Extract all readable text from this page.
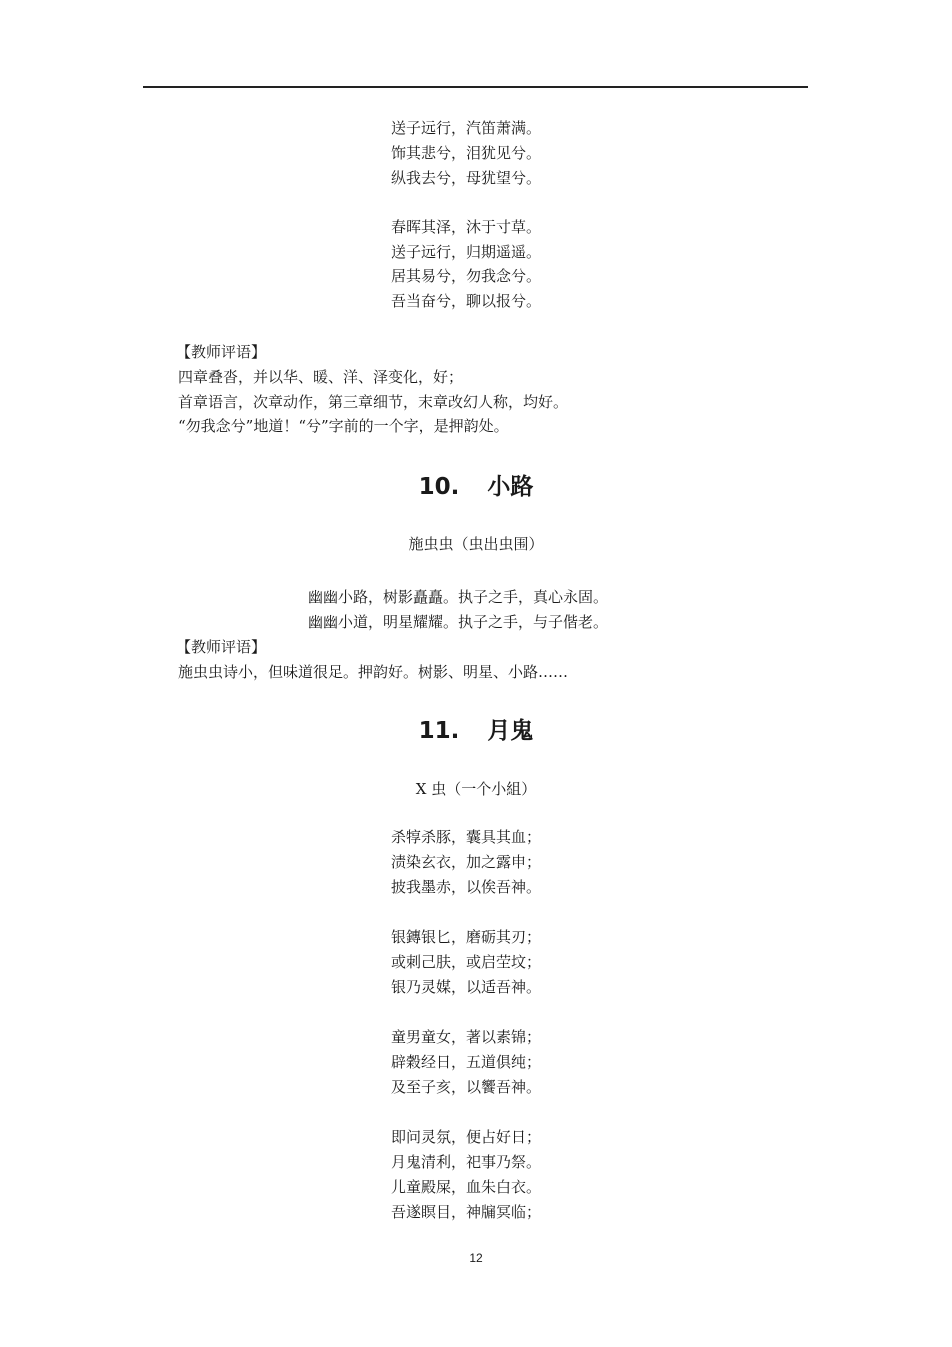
送子远行，汽笛萧满。
饰其悲兮，泪犹见兮。
纵我去兮，母犹望兮。
春晖其泽，沐于寸草。
送子远行，归期遥遥。
居其易兮，勿我念兮。
吾当奋兮，聊以报兮。
【教师评语】
四章叠沓，并以华、暖、洋、泽变化，好；
首章语言，次章动作，第三章细节，末章改幻人称，均好。
“勿我念兮”地道！“兮”字前的一个字，是押韵处。
10. 小路
施虫虫（虫出虫围）
幽幽小路，树影矗矗。执子之手，真心永固。
幽幽小道，明星耀耀。执子之手，与子偕老。
【教师评语】
施虫虫诗小，但味道很足。押韵好。树影、明星、小路……
11. 月鬼
X 虫（一个小組）
杀犉杀豚，囊具其血；
渍染玄衣，加之露申；
披我墨赤，以俟吾神。
银鏄银匕，磨砺其刃；
或刺己肤，或启茔坟；
银乃灵媒，以适吾神。
童男童女，著以素锦；
辟穀经日，五道俱纯；
及至子亥，以饗吾神。
即问灵氛，便占好日；
月鬼清利，祀事乃祭。
儿童殿屎，血朱白衣。
吾遂瞑目，神牖冥临；
12
